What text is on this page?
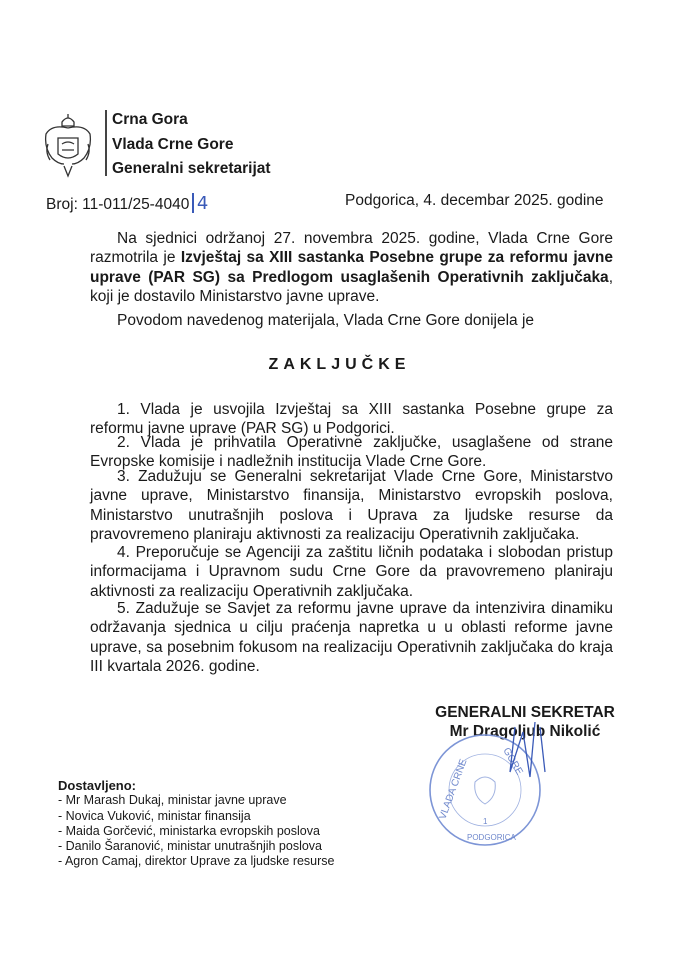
Crna Gora
Vlada Crne Gore
Generalni sekretarijat
Broj: 11-011/25-4040 4	Podgorica, 4. decembar 2025. godine
Na sjednici održanoj 27. novembra 2025. godine, Vlada Crne Gore
razmotrila je Izvještaj sa XIII sastanka Posebne grupe za reformu javne
uprave (PAR SG) sa Predlogom usaglašenih Operativnih zaključaka,
koji je dostavilo Ministarstvo javne uprave.
Povodom navedenog materijala, Vlada Crne Gore donijela je
ZAKLJUČKE
1. Vlada je usvojila Izvještaj sa XIII sastanka Posebne grupe za
reformu javne uprave (PAR SG) u Podgorici.
2. Vlada je prihvatila Operativne zaključke, usaglašene od strane
Evropske komisije i nadležnih institucija Vlade Crne Gore.
3. Zadužuju se Generalni sekretarijat Vlade Crne Gore, Ministarstvo
javne uprave, Ministarstvo finansija, Ministarstvo evropskih poslova,
Ministarstvo unutrašnjih poslova i Uprava za ljudske resurse da
pravovremeno planiraju aktivnosti za realizaciju Operativnih zaključaka.
4. Preporučuje se Agenciji za zaštitu ličnih podataka i slobodan pristup
informacijama i Upravnom sudu Crne Gore da pravovremeno planiraju
aktivnosti za realizaciju Operativnih zaključaka.
5. Zadužuje se Savjet za reformu javne uprave da intenzivira dinamiku
održavanja sjednica u cilju praćenja napretka u u oblasti reforme javne
uprave, sa posebnim fokusom na realizaciju Operativnih zaključaka do kraja
III kvartala 2026. godine.
GENERALNI SEKRETAR
Mr Dragoljub Nikolić
VLADA CRNE	GORE
PODGORICA
1
Dostavljeno:
- Mr Marash Dukaj, ministar javne uprave
- Novica Vuković, ministar finansija
- Maida Gorčević, ministarka evropskih poslova
- Danilo Šaranović, ministar unutrašnjih poslova
- Agron Camaj, direktor Uprave za ljudske resurse
